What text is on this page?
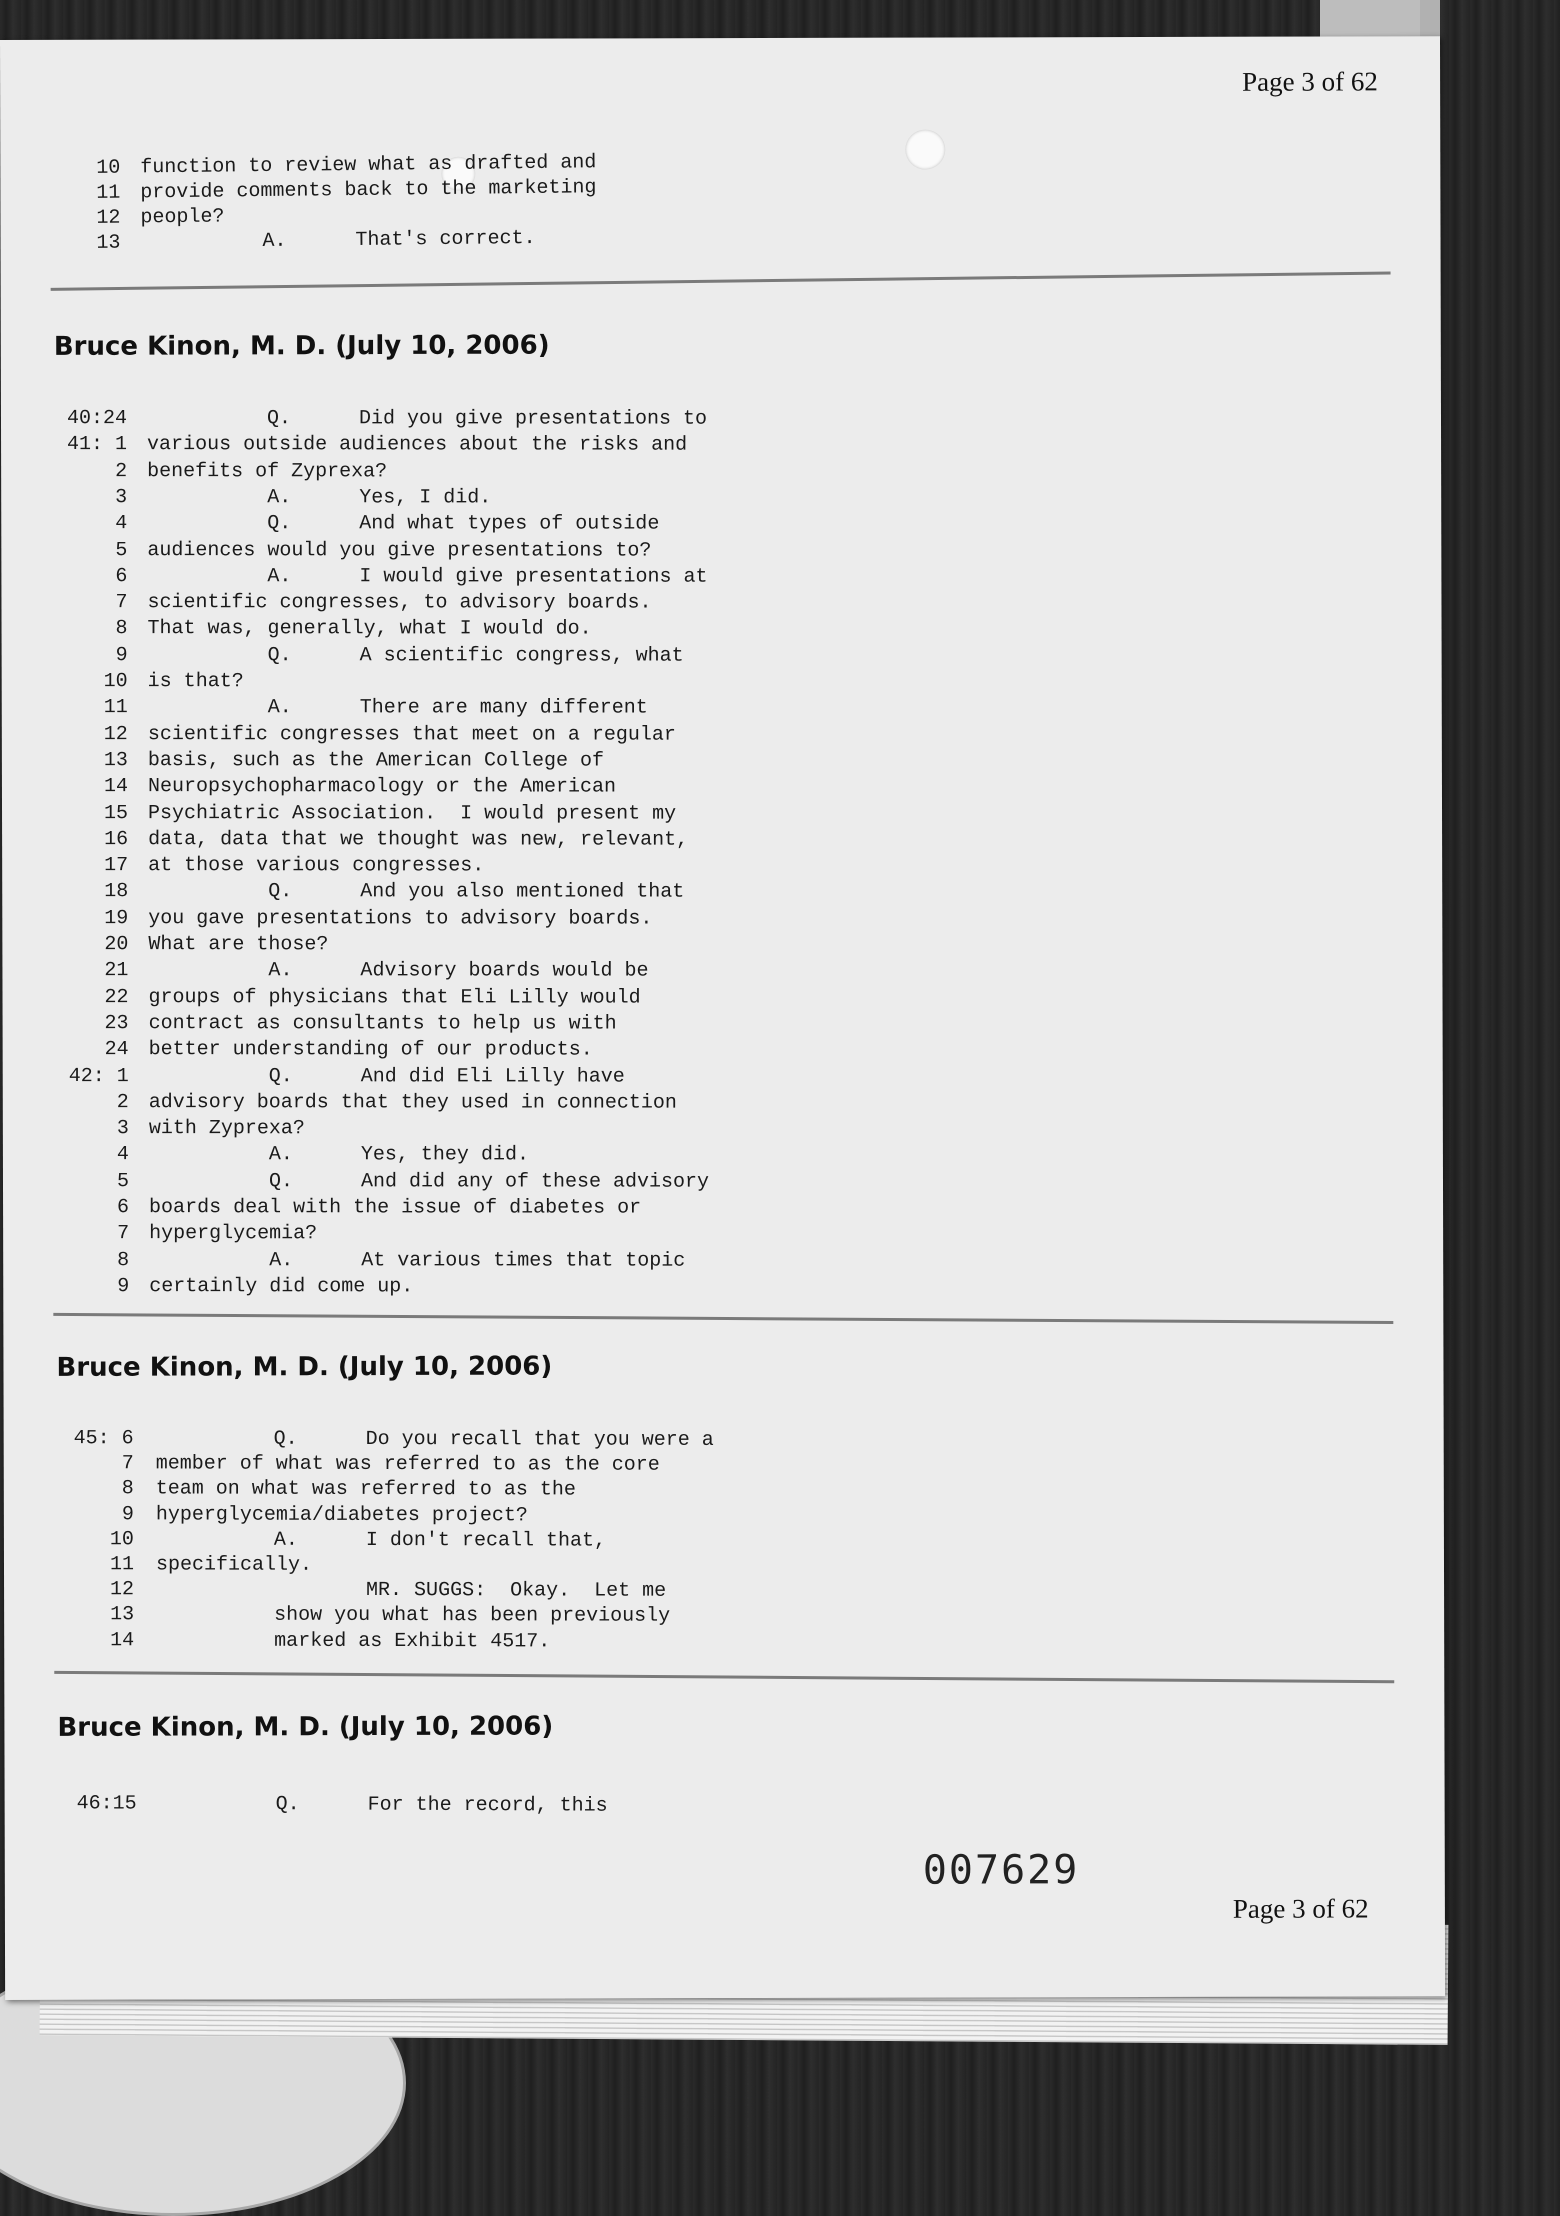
Page 3 of 62
10 function to review what as drafted and
11 provide comments back to the marketing
12 people?
13	A.	That's correct.
Bruce Kinon, M. D. (July 10, 2006)
40:24	Q.	Did you give presentations to
41: 1 various outside audiences about the risks and
2 benefits of Zyprexa?
3	A.	Yes, I did.
4	Q.	And what types of outside
5 audiences would you give presentations to?
6	A.	I would give presentations at
7 scientific congresses, to advisory boards.
8 That was, generally, what I would do.
9	Q.	A scientific congress, what
10 is that?
11	A.	There are many different
12 scientific congresses that meet on a regular
13 basis, such as the American College of
14 Neuropsychopharmacology or the American
15 Psychiatric Association.  I would present my
16 data, data that we thought was new, relevant,
17 at those various congresses.
18	Q.	And you also mentioned that
19 you gave presentations to advisory boards.
20 What are those?
21	A.	Advisory boards would be
22 groups of physicians that Eli Lilly would
23 contract as consultants to help us with
24 better understanding of our products.
42: 1	Q.	And did Eli Lilly have
2 advisory boards that they used in connection
3 with Zyprexa?
4	A.	Yes, they did.
5	Q.	And did any of these advisory
6 boards deal with the issue of diabetes or
7 hyperglycemia?
8	A.	At various times that topic
9 certainly did come up.
Bruce Kinon, M. D. (July 10, 2006)
45: 6	Q.	Do you recall that you were a
7 member of what was referred to as the core
8 team on what was referred to as the
9 hyperglycemia/diabetes project?
10	A.	I don't recall that,
11 specifically.
12	MR. SUGGS:  Okay.  Let me
13	show you what has been previously
14	marked as Exhibit 4517.
Bruce Kinon, M. D. (July 10, 2006)
46:15	Q.	For the record, this
007629
Page 3 of 62
